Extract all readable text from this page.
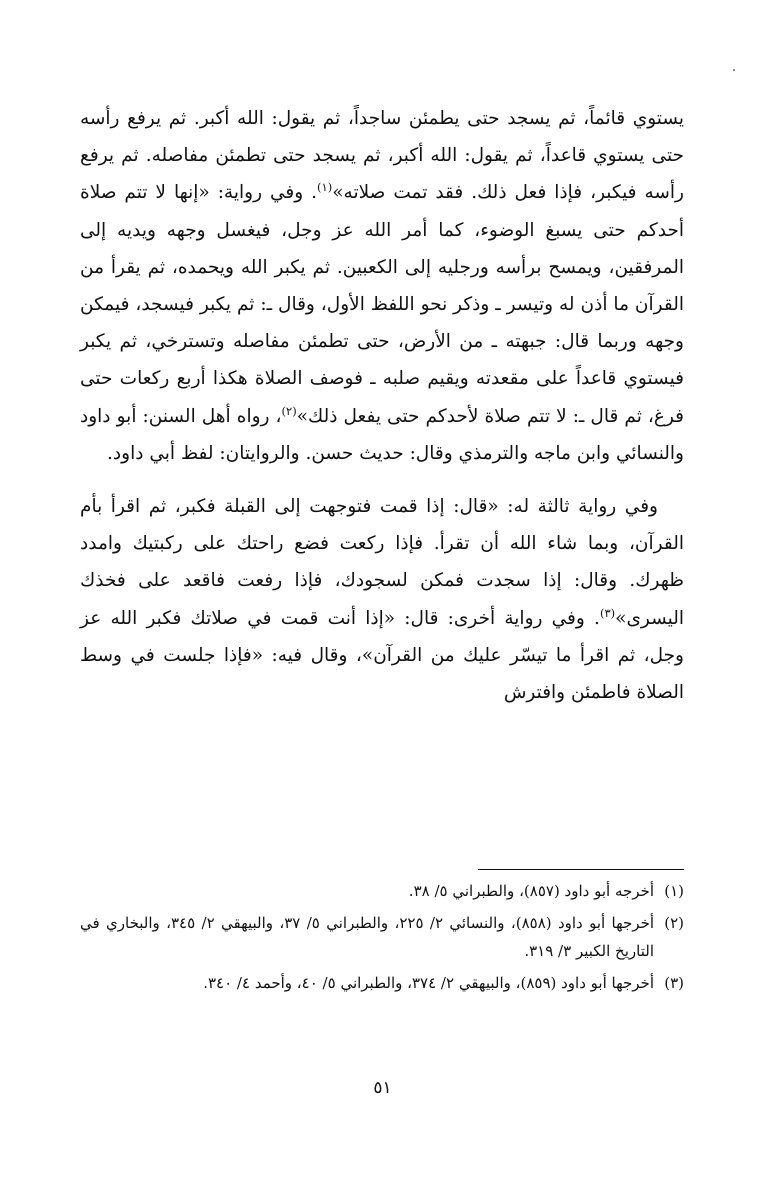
يستوي قائماً، ثم يسجد حتى يطمئن ساجداً، ثم يقول: الله أكبر. ثم يرفع رأسه حتى يستوي قاعداً، ثم يقول: الله أكبر، ثم يسجد حتى تطمئن مفاصله. ثم يرفع رأسه فيكبر، فإذا فعل ذلك. فقد تمت صلاته»$^{(١)}$. وفي رواية: «إنها لا تتم صلاة أحدكم حتى يسبغ الوضوء، كما أمر الله عز وجل، فيغسل وجهه ويديه إلى المرفقين، ويمسح برأسه ورجليه إلى الكعبين. ثم يكبر الله ويحمده، ثم يقرأ من القرآن ما أذن له وتيسر ـ وذكر نحو اللفظ الأول، وقال ـ: ثم يكبر فيسجد، فيمكن وجهه وربما قال: جبهته ـ من الأرض، حتى تطمئن مفاصله وتسترخي، ثم يكبر فيستوي قاعداً على مقعدته ويقيم صلبه ـ فوصف الصلاة هكذا أربع ركعات حتى فرغ، ثم قال ـ: لا تتم صلاة لأحدكم حتى يفعل ذلك»$^{(٢)}$، رواه أهل السنن: أبو داود والنسائي وابن ماجه والترمذي وقال: حديث حسن. والروايتان: لفظ أبي داود.

وفي رواية ثالثة له: «قال: إذا قمت فتوجهت إلى القبلة فكبر، ثم اقرأ بأم القرآن، وبما شاء الله أن تقرأ. فإذا ركعت فضع راحتك على ركبتيك وامدد ظهرك. وقال: إذا سجدت فمكن لسجودك، فإذا رفعت فاقعد على فخذك اليسرى»$^{(٣)}$. وفي رواية أخرى: قال: «إذا أنت قمت في صلاتك فكبر الله عز وجل، ثم اقرأ ما تيسّر عليك من القرآن»، وقال فيه: «فإذا جلست في وسط الصلاة فاطمئن وافترش

(١)
أخرجه أبو داود (٨٥٧)، والطبراني ٥/ ٣٨.
(٢)
أخرجها أبو داود (٨٥٨)، والنسائي ٢/ ٢٢٥، والطبراني ٥/ ٣٧، والبيهقي ٢/ ٣٤٥، والبخاري في التاريخ الكبير ٣/ ٣١٩.
(٣)
أخرجها أبو داود (٨٥٩)، والبيهقي ٢/ ٣٧٤، والطبراني ٥/ ٤٠، وأحمد ٤/ ٣٤٠.
٥١
